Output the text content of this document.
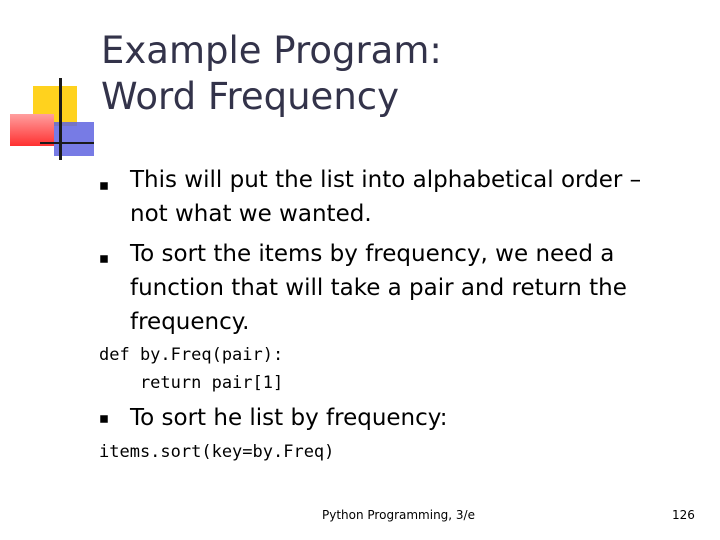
Example Program:
Word Frequency
This will put the list into alphabetical order –
not what we wanted.
To sort the items by frequency, we need a
function that will take a pair and return the
frequency.
def by.Freq(pair):
return pair[1]
To sort he list by frequency:
items.sort(key=by.Freq)
Python Programming, 3/e	126
